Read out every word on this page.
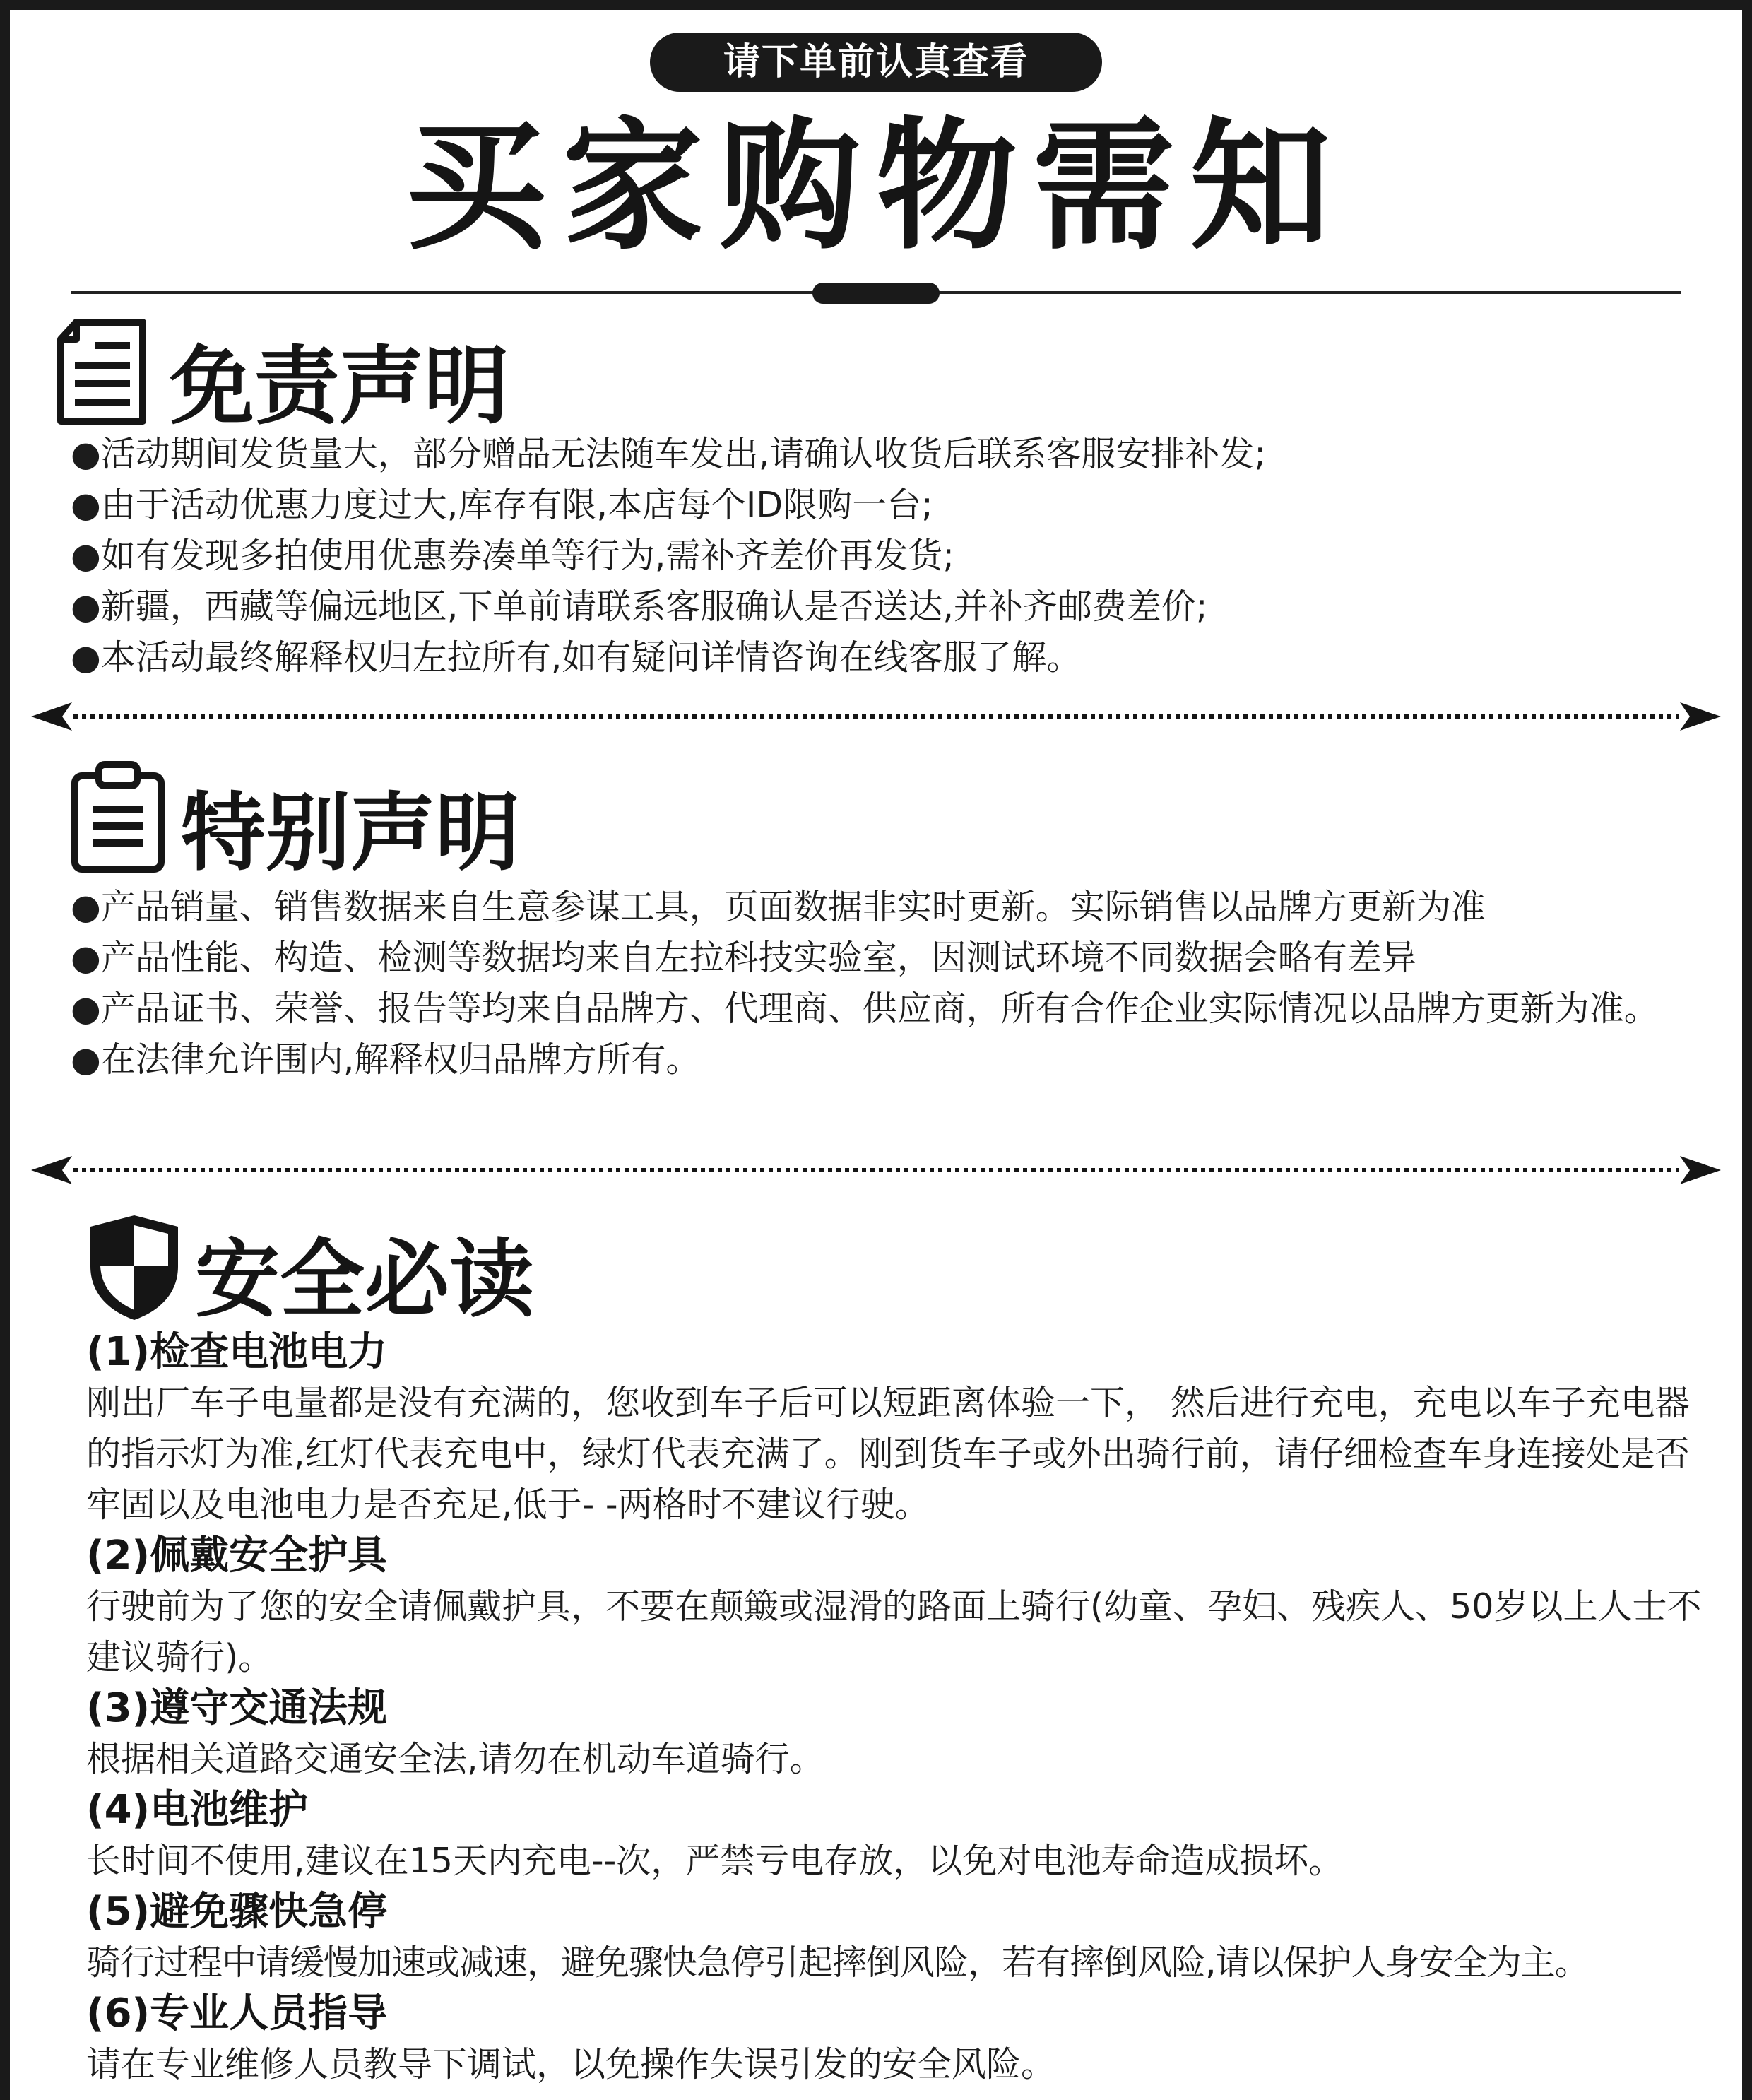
请下单前认真查看
买家购物需知
免责声明
●活动期间发货量大，部分赠品无法随车发出,请确认收货后联系客服安排补发;
●由于活动优惠力度过大,库存有限,本店每个ID限购一台;
●如有发现多拍使用优惠券凑单等行为,需补齐差价再发货;
●新疆，西藏等偏远地区,下单前请联系客服确认是否送达,并补齐邮费差价;
●本活动最终解释权归左拉所有,如有疑问详情咨询在线客服了解。
特别声明
●产品销量、销售数据来自生意参谋工具，页面数据非实时更新。实际销售以品牌方更新为准
●产品性能、构造、检测等数据均来自左拉科技实验室，因测试环境不同数据会略有差异
●产品证书、荣誉、报告等均来自品牌方、代理商、供应商，所有合作企业实际情况以品牌方更新为准。
●在法律允许围内,解释权归品牌方所有。
安全必读
(1)检查电池电力
刚出厂车子电量都是没有充满的，您收到车子后可以短距离体验一下， 然后进行充电，充电以车子充电器的指示灯为准,红灯代表充电中，绿灯代表充满了。刚到货车子或外出骑行前，请仔细检查车身连接处是否牢固以及电池电力是否充足,低于- -两格时不建议行驶。
(2)佩戴安全护具
行驶前为了您的安全请佩戴护具，不要在颠簸或湿滑的路面上骑行(幼童、孕妇、残疾人、50岁以上人士不建议骑行)。
(3)遵守交通法规
根据相关道路交通安全法,请勿在机动车道骑行。
(4)电池维护
长时间不使用,建议在15天内充电--次，严禁亏电存放，以免对电池寿命造成损坏。
(5)避免骤快急停
骑行过程中请缓慢加速或减速，避免骤快急停引起摔倒风险，若有摔倒风险,请以保护人身安全为主。
(6)专业人员指导
请在专业维修人员教导下调试，以免操作失误引发的安全风险。
